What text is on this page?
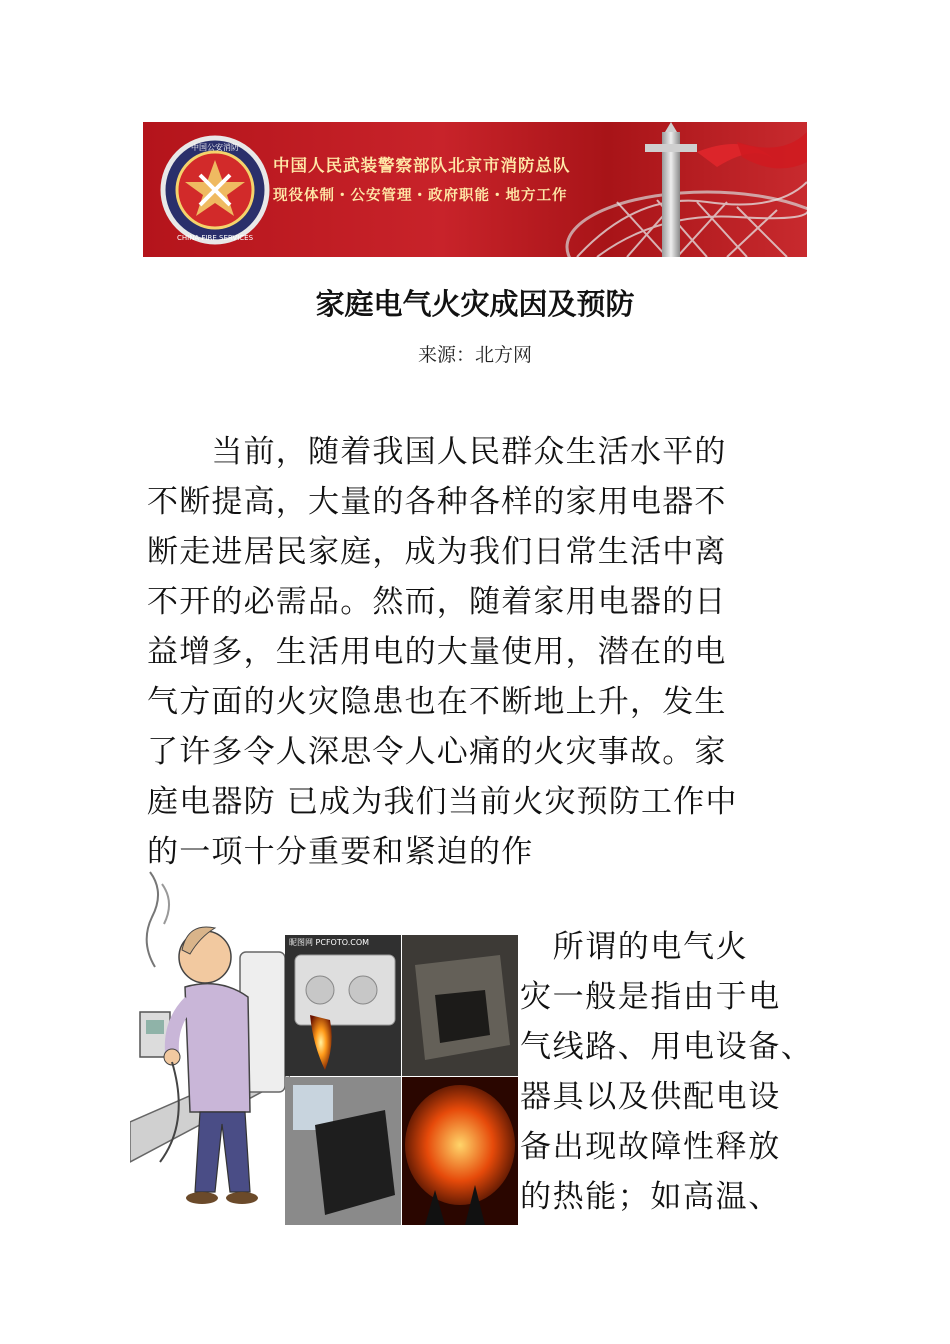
中国公安消防
CHINA FIRE SERVICES
中国人民武装警察部队北京市消防总队
现役体制・公安管理・政府职能・地方工作
家庭电气火灾成因及预防
来源：北方网
　　当前，随着我国人民群众生活水平的
不断提高，大量的各种各样的家用电器不
断走进居民家庭，成为我们日常生活中离
不开的必需品。然而，随着家用电器的日
益增多，生活用电的大量使用，潜在的电
气方面的火灾隐患也在不断地上升，发生
了许多令人深思令人心痛的火灾事故。家
庭电器防 已成为我们当前火灾预防工作中
的一项十分重要和紧迫的作
昵图网 PCFOTO.COM	　所谓的电气火
灾一般是指由于电
气线路、用电设备、
器具以及供配电设
备出现故障性释放
的热能；如高温、
